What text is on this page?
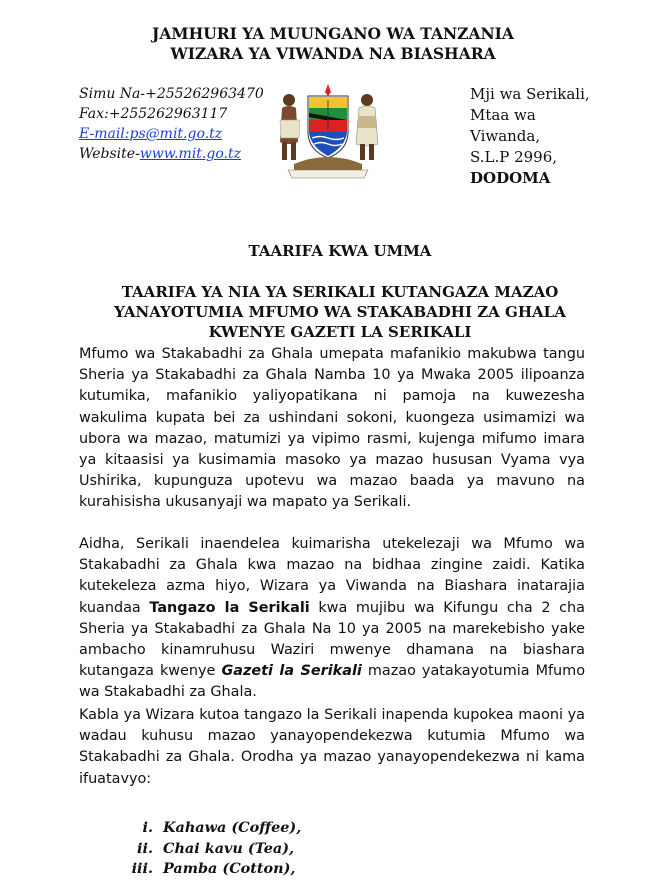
JAMHURI YA MUUNGANO WA TANZANIA
WIZARA YA VIWANDA NA BIASHARA
Simu Na-+255262963470
Fax:+255262963117
E-mail:ps@mit.go.tz
Website-www.mit.go.tz
Mji wa Serikali,
Mtaa wa
Viwanda,
S.L.P 2996,
DODOMA
TAARIFA KWA UMMA
TAARIFA YA NIA YA SERIKALI KUTANGAZA MAZAO
YANAYOTUMIA MFUMO WA STAKABADHI ZA GHALA
KWENYE GAZETI LA SERIKALI
Mfumo wa Stakabadhi za Ghala umepata mafanikio makubwa tangu Sheria ya Stakabadhi za Ghala Namba 10 ya Mwaka 2005 ilipoanza kutumika, mafanikio yaliyopatikana ni pamoja na kuwezesha wakulima kupata bei za ushindani sokoni, kuongeza usimamizi wa ubora wa mazao, matumizi ya vipimo rasmi, kujenga mifumo imara ya kitaasisi ya kusimamia masoko ya mazao hususan Vyama vya Ushirika, kupunguza upotevu wa mazao baada ya mavuno na kurahisisha ukusanyaji wa mapato ya Serikali.
Aidha, Serikali inaendelea kuimarisha utekelezaji wa Mfumo wa Stakabadhi za Ghala kwa mazao na bidhaa zingine zaidi. Katika kutekeleza azma hiyo, Wizara ya Viwanda na Biashara inatarajia kuandaa Tangazo la Serikali kwa mujibu wa Kifungu cha 2 cha Sheria ya Stakabadhi za Ghala Na 10 ya 2005 na marekebisho yake ambacho kinamruhusu Waziri mwenye dhamana na biashara kutangaza kwenye Gazeti la Serikali mazao yatakayotumia Mfumo wa Stakabadhi za Ghala.
Kabla ya Wizara kutoa tangazo la Serikali inapenda kupokea maoni ya wadau kuhusu mazao yanayopendekezwa kutumia Mfumo wa Stakabadhi za Ghala. Orodha ya mazao yanayopendekezwa ni kama ifuatavyo:
i. Kahawa (Coffee),
ii. Chai kavu (Tea),
iii. Pamba (Cotton),
